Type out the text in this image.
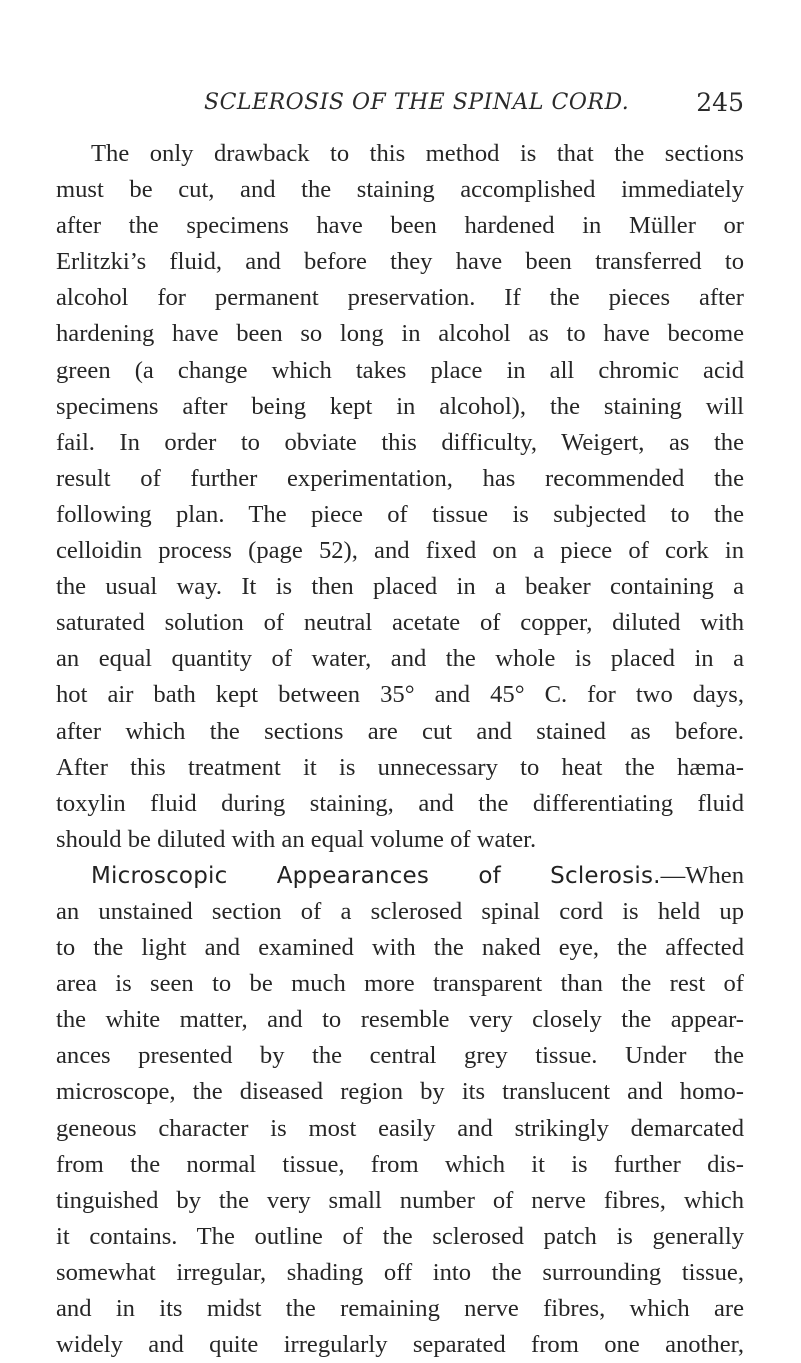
SCLEROSIS OF THE SPINAL CORD.	245
The only drawback to this method is that the sections
must be cut, and the staining accomplished immediately
after the specimens have been hardened in Müller or
Erlitzki’s fluid, and before they have been transferred to
alcohol for permanent preservation. If the pieces after
hardening have been so long in alcohol as to have become
green (a change which takes place in all chromic acid
specimens after being kept in alcohol), the staining will
fail. In order to obviate this difficulty, Weigert, as the
result of further experimentation, has recommended the
following plan. The piece of tissue is subjected to the
celloidin process (page 52), and fixed on a piece of cork in
the usual way. It is then placed in a beaker containing a
saturated solution of neutral acetate of copper, diluted with
an equal quantity of water, and the whole is placed in a
hot air bath kept between 35° and 45° C. for two days,
after which the sections are cut and stained as before.
After this treatment it is unnecessary to heat the hæma-
toxylin fluid during staining, and the differentiating fluid
should be diluted with an equal volume of water.
Microscopic Appearances of Sclerosis.—When
an unstained section of a sclerosed spinal cord is held up
to the light and examined with the naked eye, the affected
area is seen to be much more transparent than the rest of
the white matter, and to resemble very closely the appear-
ances presented by the central grey tissue. Under the
microscope, the diseased region by its translucent and homo-
geneous character is most easily and strikingly demarcated
from the normal tissue, from which it is further dis-
tinguished by the very small number of nerve fibres, which
it contains. The outline of the sclerosed patch is generally
somewhat irregular, shading off into the surrounding tissue,
and in its midst the remaining nerve fibres, which are
widely and quite irregularly separated from one another,
